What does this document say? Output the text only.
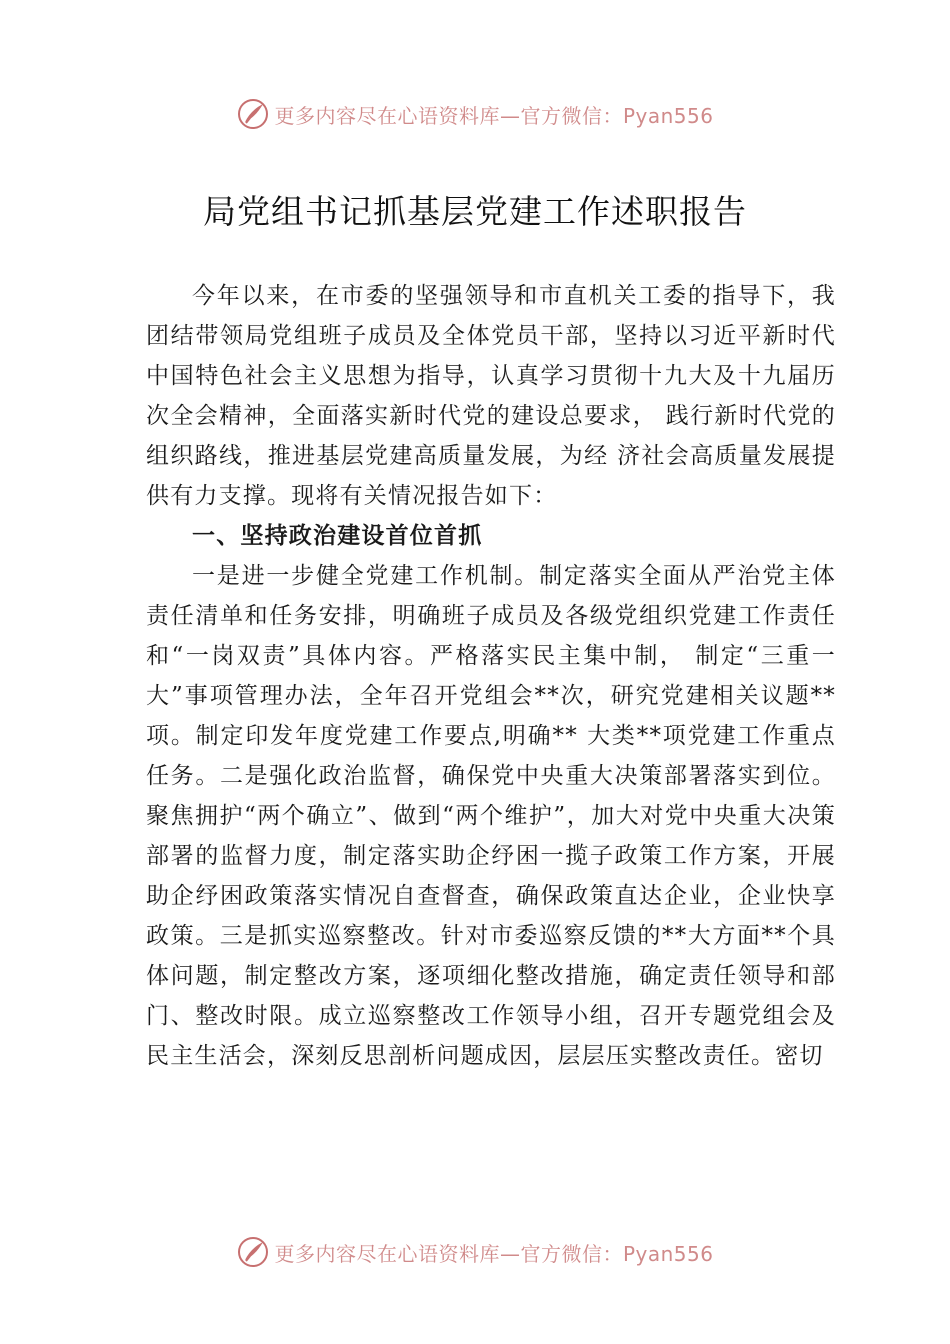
更多内容尽在心语资料库 —官方微信：Pyan556
局党组书记抓基层党建工作述职报告

今年以来，在市委的坚强领导和市直机关工委的指导下，我团结带领局党组班子成员及全体党员干部，坚持以习近平新时代中国特色社会主义思想为指导，认真学习贯彻十九大及十九届历次全会精神，全面落实新时代党的建设总要求， 践行新时代党的组织路线，推进基层党建高质量发展，为经 济社会高质量发展提供有力支撑。现将有关情况报告如下：

一、坚持政治建设首位首抓

一是进一步健全党建工作机制。制定落实全面从严治党主体责任清单和任务安排，明确班子成员及各级党组织党建工作责任和“一岗双责”具体内容。严格落实民主集中制， 制定“三重一大”事项管理办法，全年召开党组会**次，研究党建相关议题**项。制定印发年度党建工作要点,明确** 大类**项党建工作重点任务。二是强化政治监督，确保党中央重大决策部署落实到位。聚焦拥护“两个确立”、做到“两个维护”，加大对党中央重大决策部署的监督力度，制定落实助企纾困一揽子政策工作方案，开展助企纾困政策落实情况自查督查，确保政策直达企业，企业快享政策。三是抓实巡察整改。针对市委巡察反馈的**大方面**个具体问题，制定整改方案，逐项细化整改措施，确定责任领导和部门、整改时限。成立巡察整改工作领导小组，召开专题党组会及民主生活会，深刻反思剖析问题成因，层层压实整改责任。密切

更多内容尽在心语资料库 —官方微信：Pyan556
